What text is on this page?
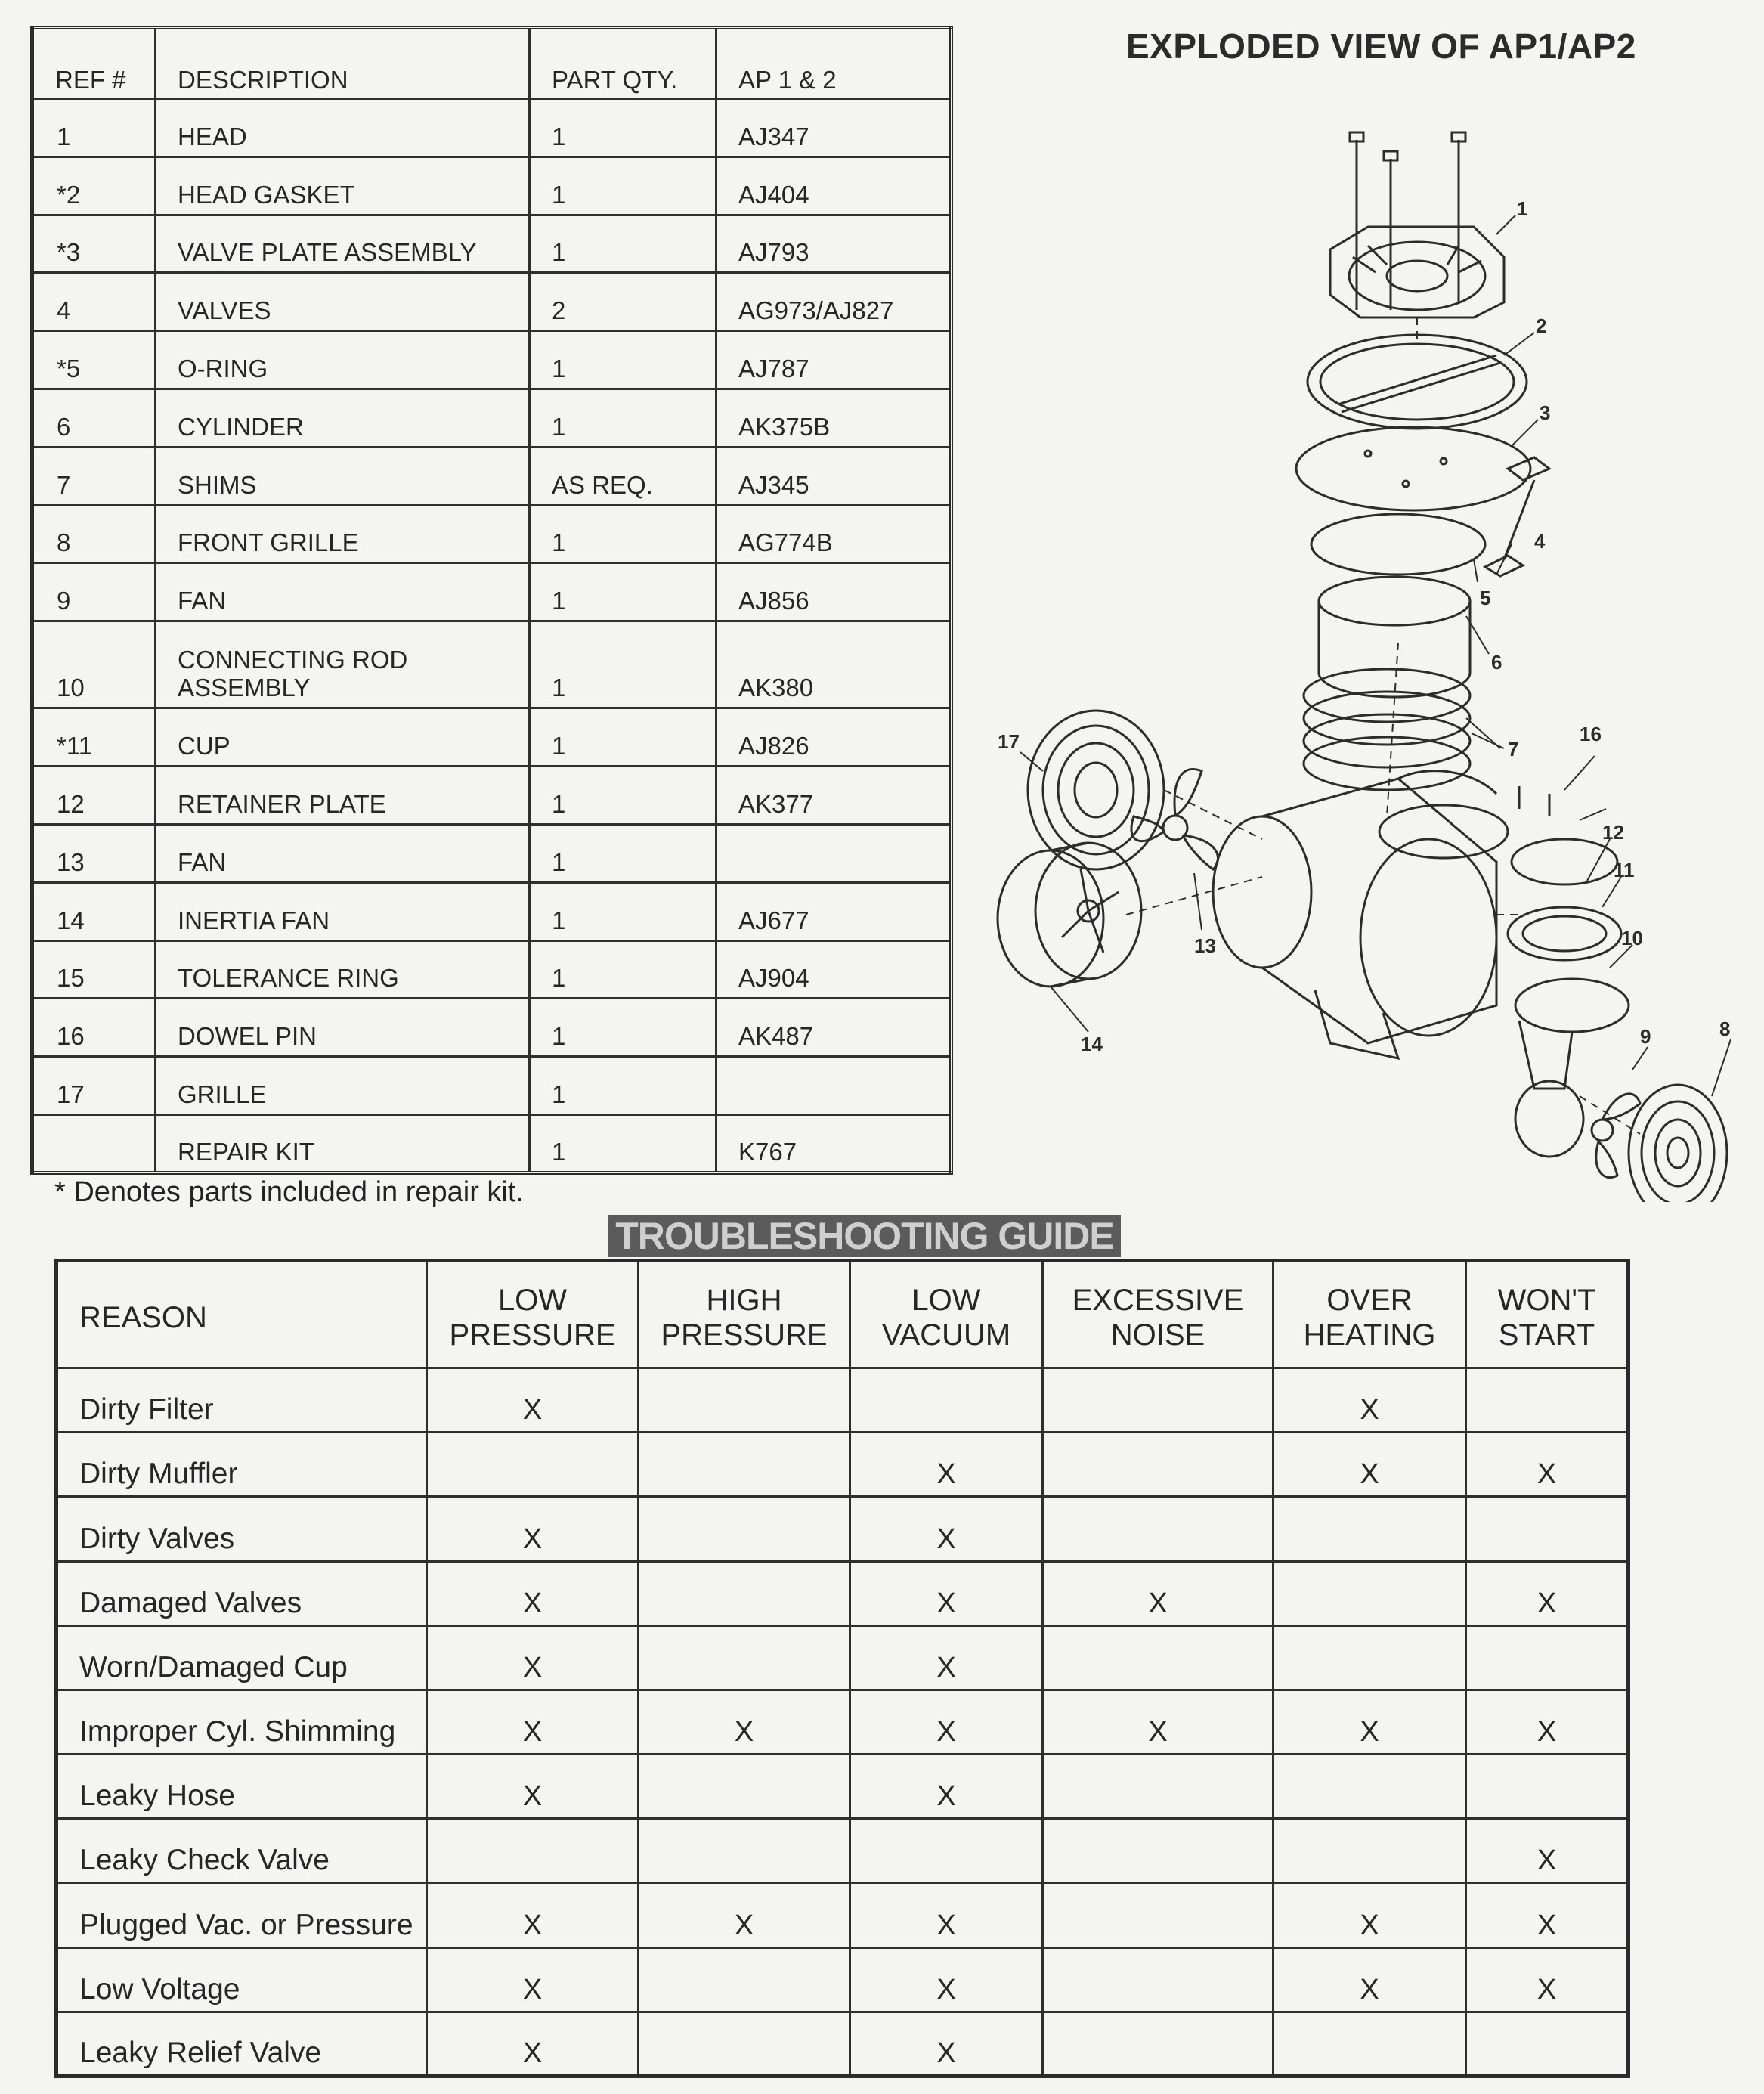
REF #	DESCRIPTION	PART QTY.	AP 1 & 2
1	HEAD	1	AJ347
*2	HEAD GASKET	1	AJ404
*3	VALVE PLATE ASSEMBLY	1	AJ793
4	VALVES	2	AG973/AJ827
*5	O-RING	1	AJ787
6	CYLINDER	1	AK375B
7	SHIMS	AS REQ.	AJ345
8	FRONT GRILLE	1	AG774B
9	FAN	1	AJ856
10	CONNECTING ROD ASSEMBLY	1	AK380
*11	CUP	1	AJ826
12	RETAINER PLATE	1	AK377
13	FAN	1	
14	INERTIA FAN	1	AJ677
15	TOLERANCE RING	1	AJ904
16	DOWEL PIN	1	AK487
17	GRILLE	1	
	REPAIR KIT	1	K767
* Denotes parts included in repair kit.
EXPLODED VIEW OF AP1/AP2
1
2
3
4
5
6
7
8
9
10
11
12
13
14
16
17
TROUBLESHOOTING GUIDE
REASON	LOW PRESSURE	HIGH PRESSURE	LOW VACUUM	EXCESSIVE NOISE	OVER HEATING	WON'T START
Dirty Filter	X				X	
Dirty Muffler			X		X	X
Dirty Valves	X		X			
Damaged Valves	X		X	X		X
Worn/Damaged Cup	X		X			
Improper Cyl. Shimming	X	X	X	X	X	X
Leaky Hose	X		X			
Leaky Check Valve						X
Plugged Vac. or Pressure	X	X	X		X	X
Low Voltage	X		X		X	X
Leaky Relief Valve	X		X			
